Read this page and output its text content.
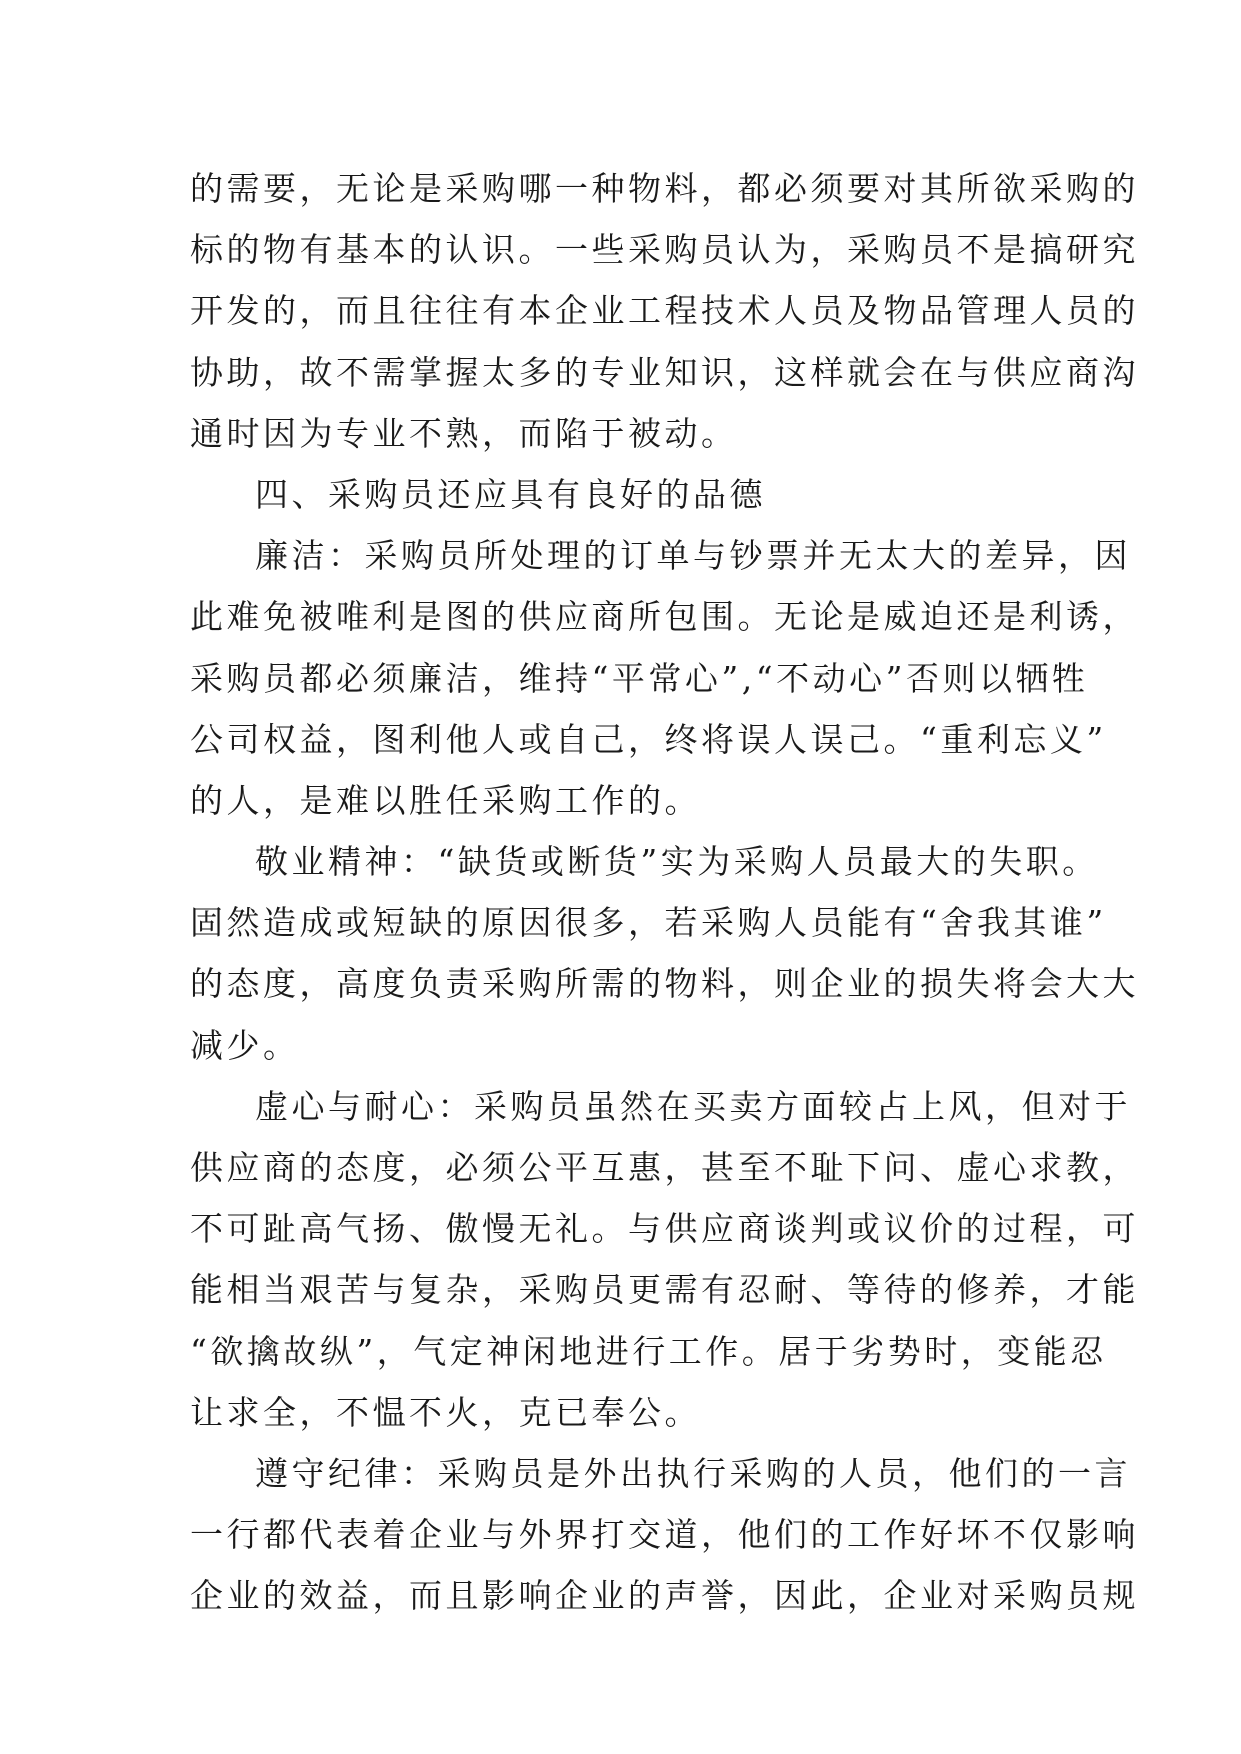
的需要，无论是采购哪一种物料，都必须要对其所欲采购的
标的物有基本的认识。一些采购员认为，采购员不是搞研究
开发的，而且往往有本企业工程技术人员及物品管理人员的
协助，故不需掌握太多的专业知识，这样就会在与供应商沟
通时因为专业不熟，而陷于被动。
四、采购员还应具有良好的品德
廉洁：采购员所处理的订单与钞票并无太大的差异，因
此难免被唯利是图的供应商所包围。无论是威迫还是利诱，
采购员都必须廉洁，维持“平常心”,“不动心”否则以牺牲
公司权益，图利他人或自己，终将误人误己。“重利忘义”
的人，是难以胜任采购工作的。
敬业精神：“缺货或断货”实为采购人员最大的失职。
固然造成或短缺的原因很多，若采购人员能有“舍我其谁”
的态度，高度负责采购所需的物料，则企业的损失将会大大
减少。
虚心与耐心：采购员虽然在买卖方面较占上风，但对于
供应商的态度，必须公平互惠，甚至不耻下问、虚心求教，
不可趾高气扬、傲慢无礼。与供应商谈判或议价的过程，可
能相当艰苦与复杂，采购员更需有忍耐、等待的修养，才能
“欲擒故纵”，气定神闲地进行工作。居于劣势时，变能忍
让求全，不愠不火，克已奉公。
遵守纪律：采购员是外出执行采购的人员，他们的一言
一行都代表着企业与外界打交道，他们的工作好坏不仅影响
企业的效益，而且影响企业的声誉，因此，企业对采购员规
